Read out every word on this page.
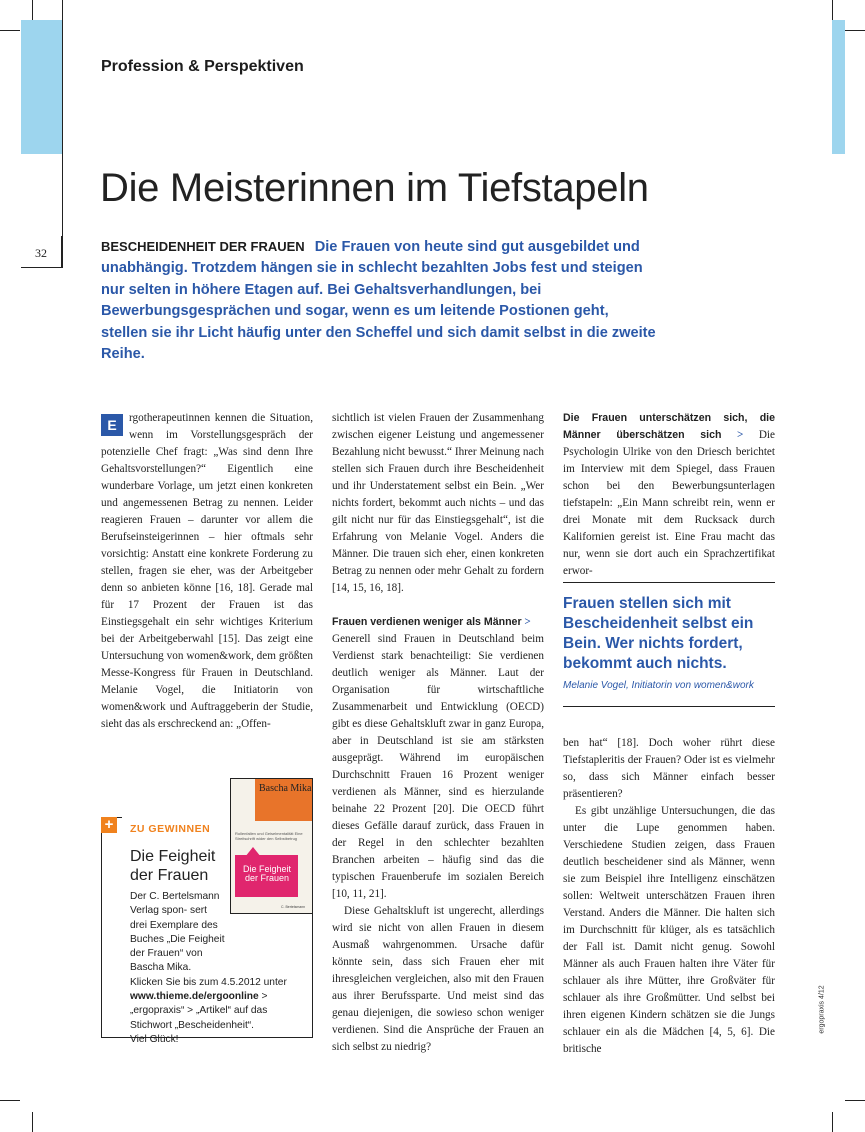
32
Profession & Perspektiven
Die Meisterinnen im Tiefstapeln
BESCHEIDENHEIT DER FRAUEN Die Frauen von heute sind gut ausgebildet und unabhängig. Trotzdem hängen sie in schlecht bezahlten Jobs fest und steigen nur selten in höhere Etagen auf. Bei Gehaltsverhandlungen, bei Bewerbungsgesprächen und sogar, wenn es um leitende Postionen geht, stellen sie ihr Licht häufig unter den Scheffel und sich damit selbst in die zweite Reihe.
E	rgotherapeutinnen kennen die Situation, wenn im Vorstellungsgespräch der potenzielle Chef fragt: „Was sind denn Ihre Gehaltsvorstellungen?“ Eigentlich eine wunderbare Vorlage, um jetzt einen konkreten und angemessenen Betrag zu nennen. Leider reagieren Frauen – darunter vor allem die Berufseinsteigerinnen – hier oftmals sehr vorsichtig: Anstatt eine konkrete Forderung zu stellen, fragen sie eher, was der Arbeitgeber denn so anbieten könne [16, 18]. Gerade mal für 17 Prozent der Frauen ist das Einstiegsgehalt ein sehr wichtiges Kriterium bei der Arbeitgeberwahl [15]. Das zeigt eine Untersuchung von women&work, dem größten Messe-Kongress für Frauen in Deutschland. Melanie Vogel, die Initiatorin von women&work und Auftraggeberin der Studie, sieht das als erschreckend an: „Offen-

sichtlich ist vielen Frauen der Zusammenhang zwischen eigener Leistung und angemessener Bezahlung nicht bewusst.“ Ihrer Meinung nach stellen sich Frauen durch ihre Bescheidenheit und ihr Understatement selbst ein Bein. „Wer nichts fordert, bekommt auch nichts – und das gilt nicht nur für das Einstiegsgehalt“, ist die Erfahrung von Melanie Vogel. Anders die Männer. Die trauen sich eher, einen konkreten Betrag zu nennen oder mehr Gehalt zu fordern [14, 15, 16, 18].

Frauen verdienen weniger als Männer >
Generell sind Frauen in Deutschland beim Verdienst stark benachteiligt: Sie verdienen deutlich weniger als Männer. Laut der Organisation für wirtschaftliche Zusammenarbeit und Entwicklung (OECD) gibt es diese Gehaltskluft zwar in ganz Europa, aber in Deutschland ist sie am stärksten ausgeprägt. Während im europäischen Durchschnitt Frauen 16 Prozent weniger verdienen als Männer, sind es hierzulande beinahe 22 Prozent [20]. Die OECD führt dieses Gefälle darauf zurück, dass Frauen in der Regel in den schlechter bezahlten Branchen arbeiten – häufig sind das die typischen Frauenberufe im sozialen Bereich [10, 11, 21].

Diese Gehaltskluft ist ungerecht, allerdings wird sie nicht von allen Frauen in diesem Ausmaß wahrgenommen. Ursache dafür könnte sein, dass sich Frauen eher mit ihresgleichen vergleichen, also mit den Frauen aus ihrer Berufssparte. Und meist sind das genau diejenigen, die sowieso schon weniger verdienen. Sind die Ansprüche der Frauen an sich selbst zu niedrig?

Die Frauen unterschätzen sich, die Männer überschätzen sich > Die Psychologin Ulrike von den Driesch berichtet im Interview mit dem Spiegel, dass Frauen schon bei den Bewerbungsunterlagen tiefstapeln: „Ein Mann schreibt rein, wenn er drei Monate mit dem Rucksack durch Kalifornien gereist ist. Eine Frau macht das nur, wenn sie dort auch ein Sprachzertifikat erwor-

Frauen stellen sich mit Bescheidenheit selbst ein Bein. Wer nichts fordert, bekommt auch nichts.
Melanie Vogel, Initiatorin von women&work

ben hat“ [18]. Doch woher rührt diese Tiefstapleritis der Frauen? Oder ist es vielmehr so, dass sich Männer einfach besser präsentieren?

Es gibt unzählige Untersuchungen, die das unter die Lupe genommen haben. Verschiedene Studien zeigen, dass Frauen deutlich bescheidener sind als Männer, wenn sie zum Beispiel ihre Intelligenz einschätzen sollen: Weltweit unterschätzen Frauen ihren Verstand. Anders die Männer. Die halten sich im Durchschnitt für klüger, als es tatsächlich der Fall ist. Damit nicht genug. Sowohl Männer als auch Frauen halten ihre Väter für schlauer als ihre Mütter, ihre Großväter für schlauer als ihre Großmütter. Und selbst bei ihren eigenen Kindern schätzen sie die Jungs schlauer ein als die Mädchen [4, 5, 6]. Die britische

+	ZU GEWINNEN
Die Feigheit der Frauen
Der C. Bertelsmann Verlag spon- sert drei Exemplare des Buches „Die Feigheit der Frauen“ von Bascha Mika.
Klicken Sie bis zum 4.5.2012 unter www.thieme.de/ergoonline > „ergopraxis“ > „Artikel“ auf das Stichwort „Bescheidenheit“.
Viel Glück!
Bascha Mika
Rollenfallen und Geiselmentalität Eine Streitschrift wider den Selbstbetrug
Die Feigheit der Frauen
C. Bertelsmann
ergopraxis 4/12
